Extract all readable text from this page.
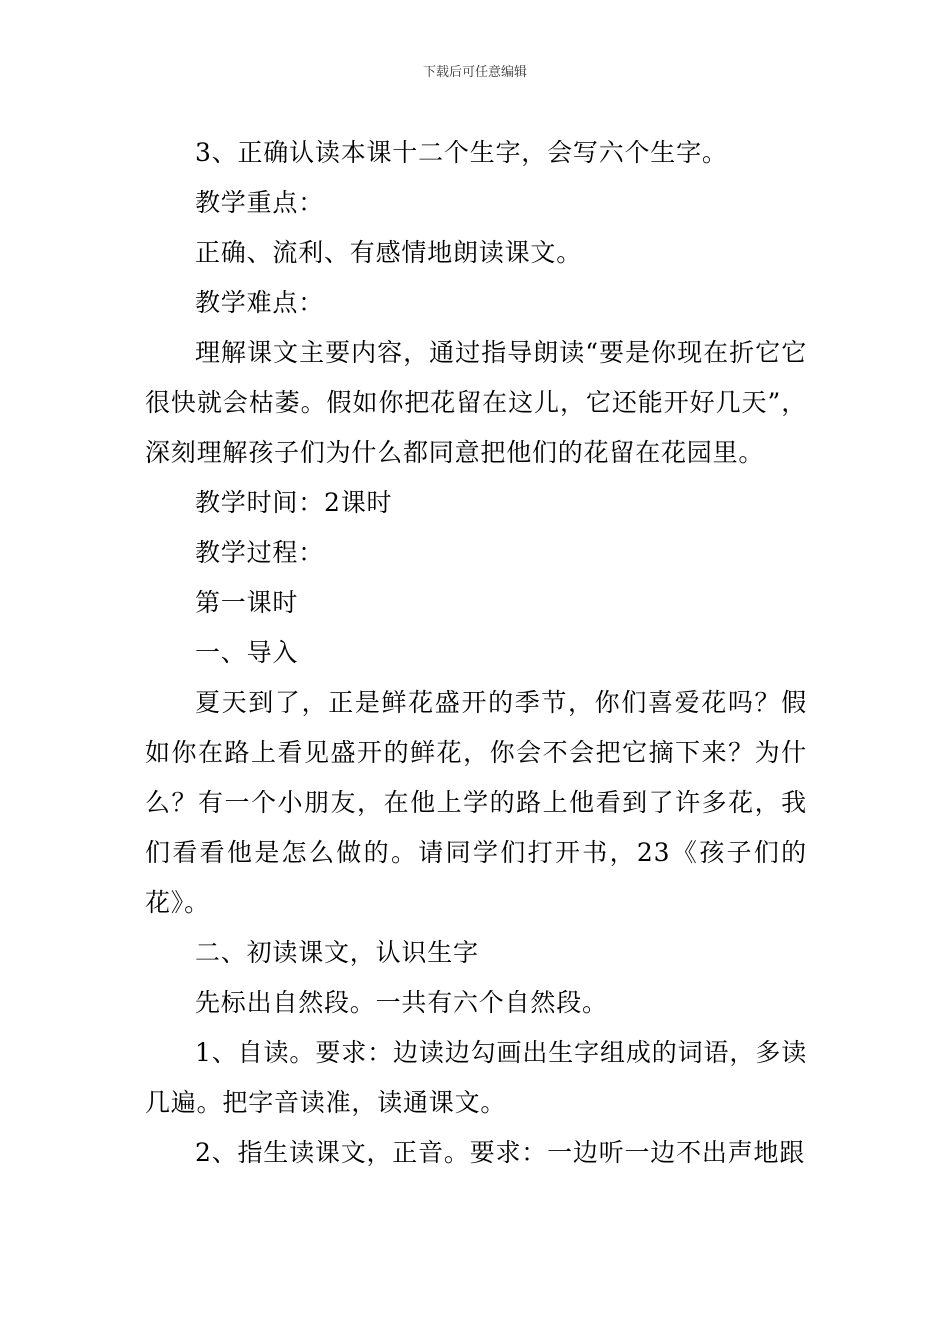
下载后可任意编辑

3、正确认读本课十二个生字，会写六个生字。

教学重点：

正确、流利、有感情地朗读课文。

教学难点：

理解课文主要内容，通过指导朗读“要是你现在折它它很快就会枯萎。假如你把花留在这儿，它还能开好几天”，深刻理解孩子们为什么都同意把他们的花留在花园里。

教学时间：2课时

教学过程：

第一课时

一、导入

夏天到了，正是鲜花盛开的季节，你们喜爱花吗？假如你在路上看见盛开的鲜花，你会不会把它摘下来？为什么？有一个小朋友，在他上学的路上他看到了许多花，我们看看他是怎么做的。请同学们打开书，23《孩子们的花》。

二、初读课文，认识生字

先标出自然段。一共有六个自然段。

1、自读。要求：边读边勾画出生字组成的词语，多读几遍。把字音读准，读通课文。

2、指生读课文，正音。要求：一边听一边不出声地跟
